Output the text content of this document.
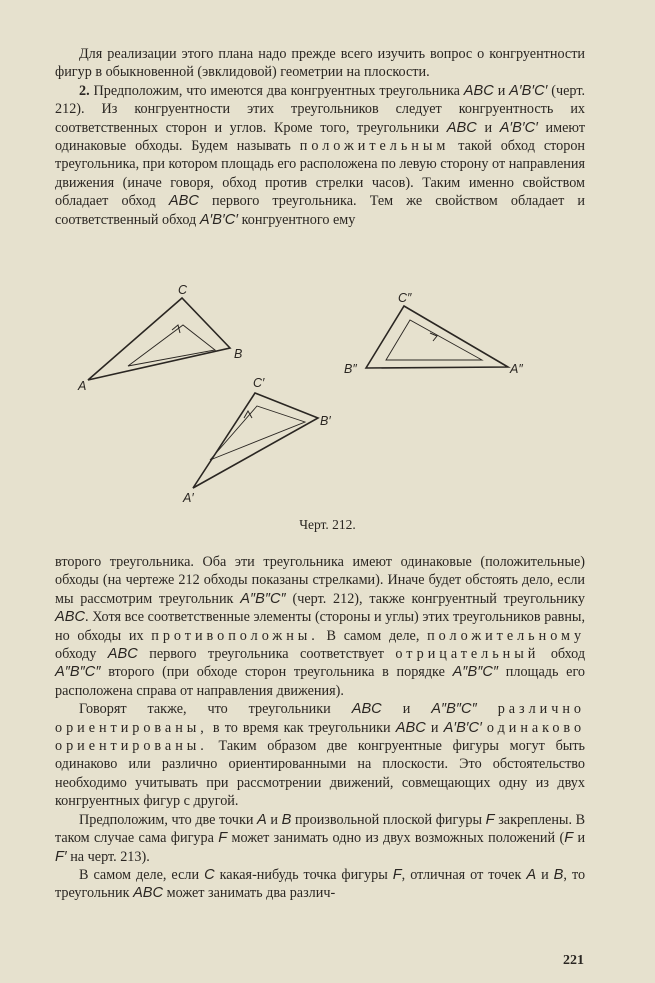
Для реализации этого плана надо прежде всего изучить вопрос о конгруентности фигур в обыкновенной (эвклидовой) геометрии на плоскости.

2. Предположим, что имеются два конгруентных треугольника ABC и A′B′C′ (черт. 212). Из конгруентности этих треугольников следует конгруентность их соответственных сторон и углов. Кроме того, треугольники ABC и A′B′C′ имеют одинаковые обходы. Будем называть положительным такой обход сторон треугольника, при котором площадь его расположена по левую сторону от направления движения (иначе говоря, обход против стрелки часов). Таким именно свойством обладает обход ABC первого треугольника. Тем же свойством обладает и соответственный обход A′B′C′ конгруентного ему

A
C
B
A′
C′
B′
B″
C″
A″
Черт. 212.

второго треугольника. Оба эти треугольника имеют одинаковые (положительные) обходы (на чертеже 212 обходы показаны стрелками). Иначе будет обстоять дело, если мы рассмотрим треугольник A″B″C″ (черт. 212), также конгруентный треугольнику ABC. Хотя все соответственные элементы (стороны и углы) этих треугольников равны, но обходы их противоположны. В самом деле, положительному обходу ABC первого треугольника соответствует отрицательный обход A″B″C″ второго (при обходе сторон треугольника в порядке A″B″C″ площадь его расположена справа от направления движения).

Говорят также, что треугольники ABC и A″B″C″ различно ориентированы, в то время как треугольники ABC и A′B′C′ одинаково ориентированы. Таким образом две конгруентные фигуры могут быть одинаково или различно ориентированными на плоскости. Это обстоятельство необходимо учитывать при рассмотрении движений, совмещающих одну из двух конгруентных фигур с другой.

Предположим, что две точки A и B произвольной плоской фигуры F закреплены. В таком случае сама фигура F может занимать одно из двух возможных положений (F и F′ на черт. 213).

В самом деле, если C какая-нибудь точка фигуры F, отличная от точек A и B, то треугольник ABC может занимать два различ-

221
